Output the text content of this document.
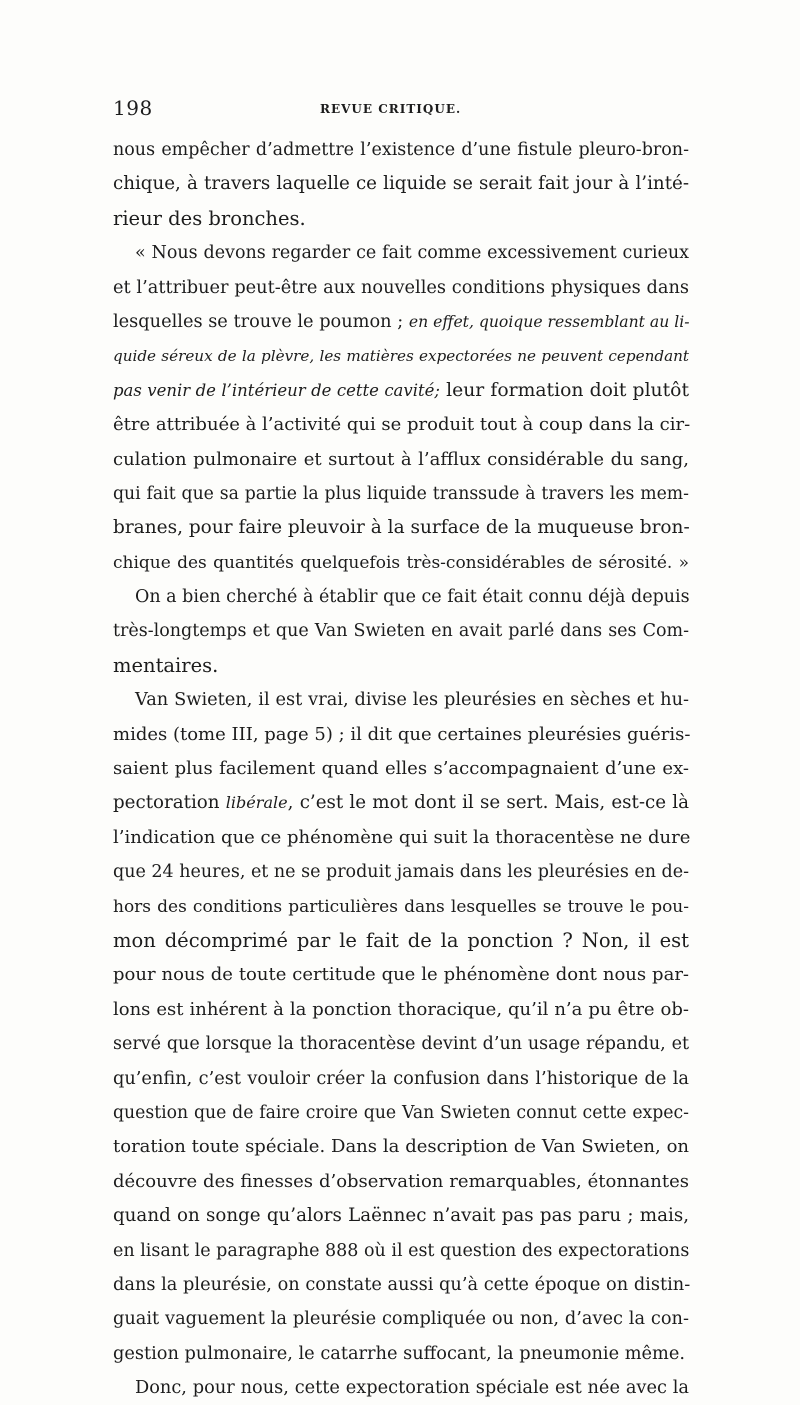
198	REVUE CRITIQUE.
nous empêcher d’admettre l’existence d’une fistule pleuro-bron-
chique, à travers laquelle ce liquide se serait fait jour à l’inté-
rieur des bronches.
« Nous devons regarder ce fait comme excessivement curieux
et l’attribuer peut-être aux nouvelles conditions physiques dans
lesquelles se trouve le poumon ; en effet, quoique ressemblant au li-
quide séreux de la plèvre, les matières expectorées ne peuvent cependant
pas venir de l’intérieur de cette cavité; leur formation doit plutôt
être attribuée à l’activité qui se produit tout à coup dans la cir-
culation pulmonaire et surtout à l’afflux considérable du sang,
qui fait que sa partie la plus liquide transsude à travers les mem-
branes, pour faire pleuvoir à la surface de la muqueuse bron-
chique des quantités quelquefois très-considérables de sérosité. »
On a bien cherché à établir que ce fait était connu déjà depuis
très-longtemps et que Van Swieten en avait parlé dans ses Com-
mentaires.
Van Swieten, il est vrai, divise les pleurésies en sèches et hu-
mides (tome III, page 5) ; il dit que certaines pleurésies guéris-
saient plus facilement quand elles s’accompagnaient d’une ex-
pectoration libérale, c’est le mot dont il se sert. Mais, est-ce là
l’indication que ce phénomène qui suit la thoracentèse ne dure
que 24 heures, et ne se produit jamais dans les pleurésies en de-
hors des conditions particulières dans lesquelles se trouve le pou-
mon décomprimé par le fait de la ponction ? Non, il est
pour nous de toute certitude que le phénomène dont nous par-
lons est inhérent à la ponction thoracique, qu’il n’a pu être ob-
servé que lorsque la thoracentèse devint d’un usage répandu, et
qu’enfin, c’est vouloir créer la confusion dans l’historique de la
question que de faire croire que Van Swieten connut cette expec-
toration toute spéciale. Dans la description de Van Swieten, on
découvre des finesses d’observation remarquables, étonnantes
quand on songe qu’alors Laënnec n’avait pas pas paru ; mais,
en lisant le paragraphe 888 où il est question des expectorations
dans la pleurésie, on constate aussi qu’à cette époque on distin-
guait vaguement la pleurésie compliquée ou non, d’avec la con-
gestion pulmonaire, le catarrhe suffocant, la pneumonie même.
Donc, pour nous, cette expectoration spéciale est née avec la
